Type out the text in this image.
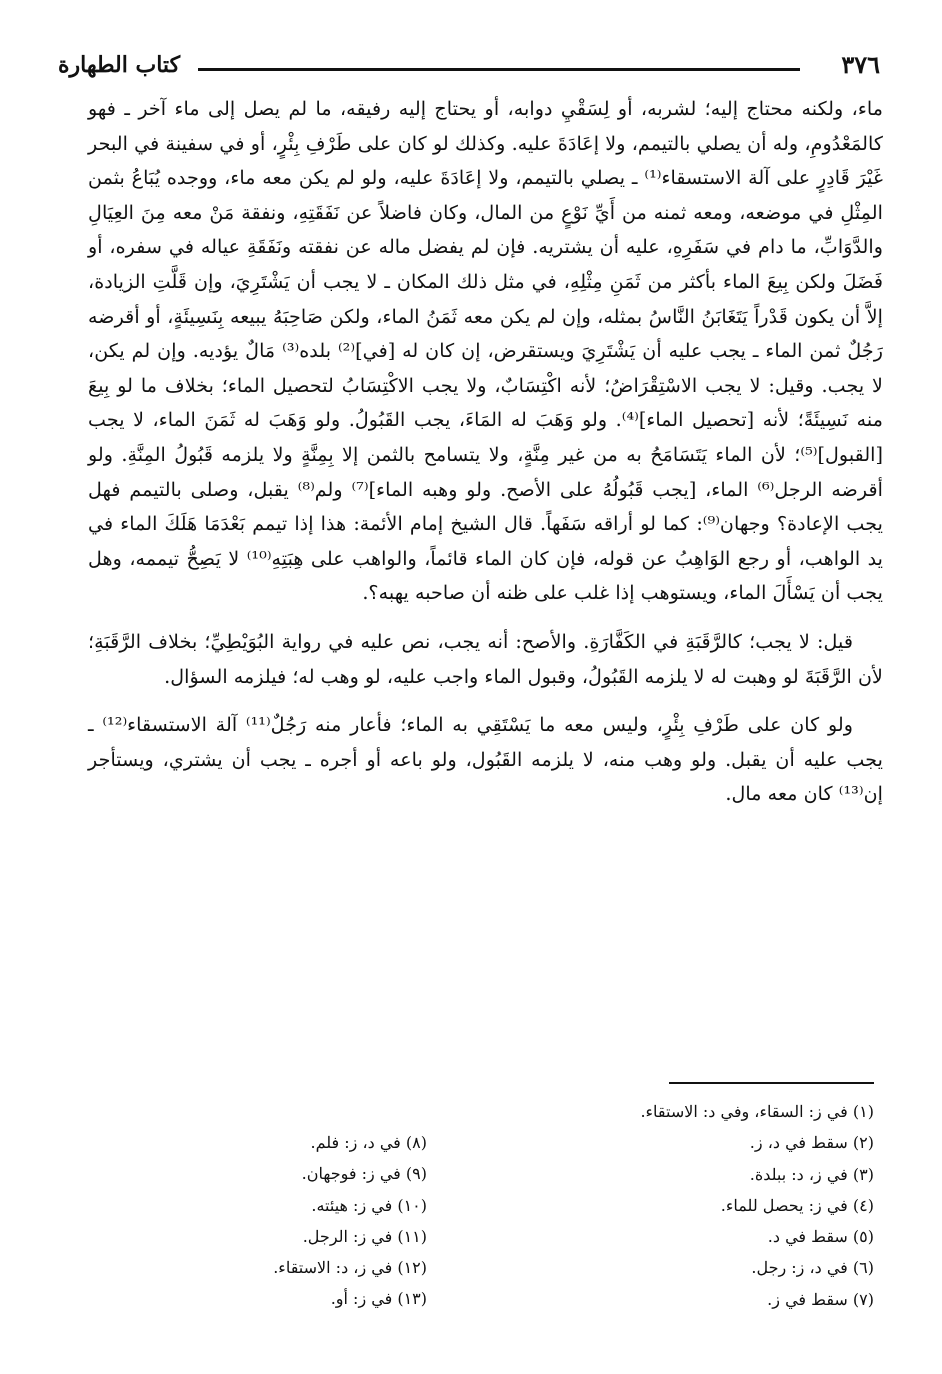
٣٧٦
كتاب الطهارة

ماء، ولكنه محتاج إليه؛ لشربه، أو لِسَقْيِ دوابه، أو يحتاج إليه رفيقه، ما لم يصل إلى ماء آخر ـ فهو كالمَعْدُومِ، وله أن يصلي بالتيمم، ولا إعَادَةَ عليه. وكذلك لو كان على طَرْفِ بِئْرٍ، أو في سفينة في البحر غَيْرَ قَادِرٍ على آلة الاستسقاء⁽¹⁾ ـ يصلي بالتيمم، ولا إعَادَةَ عليه، ولو لم يكن معه ماء، ووجده يُبَاعُ بثمن المِثْلِ في موضعه، ومعه ثمنه من أَيِّ نَوْعٍ من المال، وكان فاضلاً عن نَفَقَتِهِ، ونفقة مَنْ معه مِنَ العِيَالِ والدَّوَابِّ، ما دام في سَفَرِهِ، عليه أن يشتريه. فإن لم يفضل ماله عن نفقته ونَفَقَةِ عياله في سفره، أو فَضَلَ ولكن بِيعَ الماء بأكثر من ثَمَنِ مِثْلِهِ، في مثل ذلك المكان ـ لا يجب أن يَشْتَرِيَ، وإن قَلَّتِ الزيادة، إلاَّ أن يكون قَدْراً يَتَغَابَنُ النَّاسُ بمثله، وإن لم يكن معه ثَمَنُ الماء، ولكن صَاحِبَهُ يبيعه بِنَسِيئَةٍ، أو أقرضه رَجُلٌ ثمن الماء ـ يجب عليه أن يَشْتَرِيَ ويستقرض، إن كان له [في]⁽²⁾ بلده⁽³⁾ مَالٌ يؤديه. وإن لم يكن، لا يجب. وقيل: لا يجب الاسْتِقْرَاضُ؛ لأنه اكْتِسَابٌ، ولا يجب الاكْتِسَابُ لتحصيل الماء؛ بخلاف ما لو بِيعَ منه نَسِيئَةً؛ لأنه [تحصيل الماء]⁽⁴⁾. ولو وَهَبَ له المَاءَ، يجب القَبُولُ. ولو وَهَبَ له ثَمَنَ الماء، لا يجب [القبول]⁽⁵⁾؛ لأن الماء يَتَسَامَحُ به من غير مِنَّةٍ، ولا يتسامح بالثمن إلا بِمِنَّةٍ ولا يلزمه قَبُولُ المِنَّةِ. ولو أقرضه الرجل⁽⁶⁾ الماء، [يجب قَبُولُهُ على الأصح. ولو وهبه الماء]⁽⁷⁾ ولم⁽⁸⁾ يقبل، وصلى بالتيمم فهل يجب الإعادة؟ وجهان⁽⁹⁾: كما لو أراقه سَفَهاً. قال الشيخ إمام الأئمة: هذا إذا تيمم بَعْدَمَا هَلَكَ الماء في يد الواهب، أو رجع الوَاهِبُ عن قوله، فإن كان الماء قائماً، والواهب على هِبَتِهِ⁽¹⁰⁾ لا يَصِحُّ تيممه، وهل يجب أن يَسْأَلَ الماء، ويستوهب إذا غلب على ظنه أن صاحبه يهبه؟.

قيل: لا يجب؛ كالرَّقَبَةِ في الكَفَّارَةِ. والأصح: أنه يجب، نص عليه في رواية البُوَيْطِيِّ؛ بخلاف الرَّقَبَةِ؛ لأن الرَّقَبَةَ لو وهبت له لا يلزمه القَبُولُ، وقبول الماء واجب عليه، لو وهب له؛ فيلزمه السؤال.

ولو كان على طَرْفِ بِئْرٍ، وليس معه ما يَسْتَقِي به الماء؛ فأعار منه رَجُلٌ⁽¹¹⁾ آلة الاستسقاء⁽¹²⁾ ـ يجب عليه أن يقبل. ولو وهب منه، لا يلزمه القَبُول، ولو باعه أو أجره ـ يجب أن يشتري، ويستأجر إن⁽¹³⁾ كان معه مال.

(١) في ز: السقاء، وفي د: الاستقاء.
(٢) سقط في د، ز.
(٣) في ز، د: ببلدة.
(٤) في ز: يحصل للماء.
(٥) سقط في د.
(٦) في د، ز: رجل.
(٧) سقط في ز.
(٨) في د، ز: فلم.
(٩) في ز: فوجهان.
(١٠) في ز: هيئته.
(١١) في ز: الرجل.
(١٢) في ز، د: الاستقاء.
(١٣) في ز: أو.
